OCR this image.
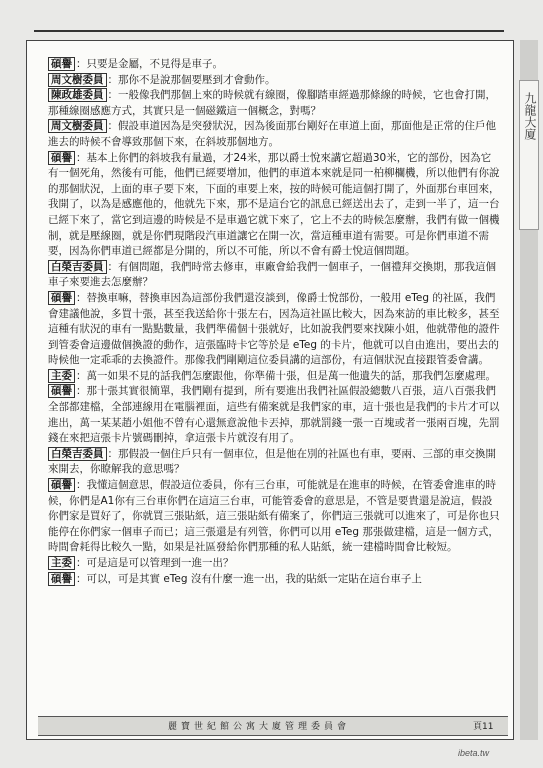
九龍大廈
碩譽 ：只要是金屬，不見得是車子。
周文樹委員 ：那你不是說那個要壓到才會動作。
陳政雄委員 ：一般像我們那個上來的時候就有線圈，像腳踏車經過那條線的時候，它也會打開，那種線圈感應方式，其實只是一個磁鐵這一個概念，對嗎？
周文樹委員 ：假設車道因為是突發狀況，因為後面那台剛好在車道上面，那面他是正常的住戶他進去的時候不會導致那個下來，在斜坡那個地方。
碩譽 ：基本上你們的斜坡我有量過，才24米，那以爵士悅來講它超過30米，它的部份，因為它有一個死角，然後有可能，他們已經要增加，他們的車道本來就是同一柏柳欄機，所以他們有你說的那個狀況，上面的車子要下來，下面的車要上來，按的時候可能這個打開了，外面那台車回來，我開了，以為是感應他的，他就先下來，那不是這台它的訊息已經送出去了，走到一半了，這一台已經下來了，當它到這邊的時候是不是車過它就下來了，它上不去的時候怎麼辦，我們有做一個機制，就是壓線圈，就是你們現階段汽車道讓它在開一次，當這種車道有需要。可是你們車道不需要，因為你們車道已經都是分開的，所以不可能，所以不會有爵士悅這個問題。
白榮吉委員 ：有個問題，我們時常去修車，車廠會給我們一個車子，一個禮拜交換期，那我這個車子來要進去怎麼辦？
碩譽 ：替換車嘛，替換車因為這部份我們還沒談到，像爵士悅部份，一般用 eTeg 的社區，我們會建議他說，多買十張，甚至我送給你十張左右，因為這社區比較大，因為來訪的車比較多，甚至這種有狀況的車有一點點數量，我們準備個十張就好，比如說我們要來找陳小姐，他就帶他的證件到管委會這邊做個換證的動作，這張臨時卡它等於是 eTeg 的卡片，他就可以自由進出，要出去的時候他一定乖乖的去換證件。那像我們剛剛這位委員講的這部份，有這個狀況直接跟管委會講。
主委 ：萬一如果不見的話我們怎麼跟他，你準備十張，但是萬一他遺失的話，那我們怎麼處理。
碩譽 ：那十張其實很簡單，我們剛有提到，所有要進出我們社區假設總數八百張，這八百張我們全部都建檔，全部連線用在電腦裡面，這些有備案就是我們家的車，這十張也是我們的卡片才可以進出，萬一某某趙小姐他不曾有心還無意說他卡丟掉，那就罰錢一張一百塊或者一張兩百塊，先罰錢在來把這張卡片號碼刪掉，拿這張卡片就沒有用了。
白榮吉委員 ：那假設一個住戶只有一個車位，但是他在別的社區也有車，要兩、三部的車交換開來開去，你瞭解我的意思嗎？
碩譽 ：我懂這個意思，假設這位委員，你有三台車，可能就是在進車的時候，在管委會進車的時候，你們是A1你有三台車你們在這這三台車，可能管委會的意思是，不管是要貴還是說這，假設你們家是買好了，你就買三張貼紙，這三張貼紙有備案了，你們這三張就可以進來了，可是你也只能停在你們家一個車子而已；這三張還是有列管，你們可以用 eTeg 那張做建檔，這是一個方式，時間會耗得比較久一點，如果是社區發給你們那種的私人貼紙，統一建檔時間會比較短。
主委 ：可是這是可以管理到一進一出？
碩譽 ：可以，可是其實 eTeg 沒有什麼一進一出，我的貼紙一定貼在這台車子上
麗寶世紀館公寓大廈管理委員會	頁11
ibeta.tw
